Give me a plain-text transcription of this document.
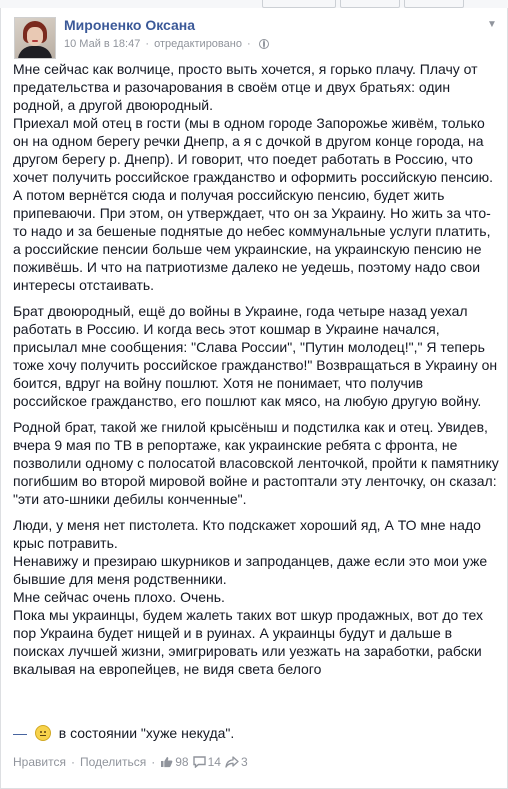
Мироненко Оксана
10 Май в 18:47 · отредактировано ·
▼

Мне сейчас как волчице, просто выть хочется, я горько плачу. Плачу от предательства и разочарования в своём отце и двух братьях: один родной, а другой двоюродный.
Приехал мой отец в гости (мы в одном городе Запорожье живём, только он на одном берегу речки Днепр, а я с дочкой в другом конце города, на другом берегу р. Днепр). И говорит, что поедет работать в Россию, что хочет получить российское гражданство и оформить российскую пенсию. А потом вернётся сюда и получая российскую пенсию, будет жить припеваючи. При этом, он утверждает, что он за Украину. Но жить за что-то надо и за бешеные поднятые до небес коммунальные услуги платить, а российские пенсии больше чем украинские, на украинскую пенсию не поживёшь. И что на патриотизме далеко не уедешь, поэтому надо свои интересы отстаивать.

Брат двоюродный, ещё до войны в Украине, года четыре назад уехал работать в Россию. И когда весь этот кошмар в Украине начался, присылал мне сообщения: "Слава России", "Путин молодец!"," Я теперь тоже хочу получить российское гражданство!" Возвращаться в Украину он боится, вдруг на войну пошлют. Хотя не понимает, что получив российское гражданство, его пошлют как мясо, на любую другую войну.

Родной брат, такой же гнилой крысёныш и подстилка как и отец. Увидев, вчера 9 мая по ТВ в репортаже, как украинские ребята с фронта, не позволили одному с полосатой власовской ленточкой, пройти к памятнику погибшим во второй мировой войне и растоптали эту ленточку, он сказал: "эти ато-шники дебилы конченные".

Люди, у меня нет пистолета. Кто подскажет хороший яд, А ТО мне надо крыс потравить.
Ненавижу и презираю шкурников и запроданцев, даже если это мои уже бывшие для меня родственники.
Мне сейчас очень плохо. Очень.
Пока мы украинцы, будем жалеть таких вот шкур продажных, вот до тех пор Украина будет нищей и в руинах. А украинцы будут и дальше в поисках лучшей жизни, эмигрировать или уезжать на заработки, рабски вкалывая на европейцев, не видя света белого

— в состоянии "хуже некуда".
Нравится · Поделиться · 98 14 3
